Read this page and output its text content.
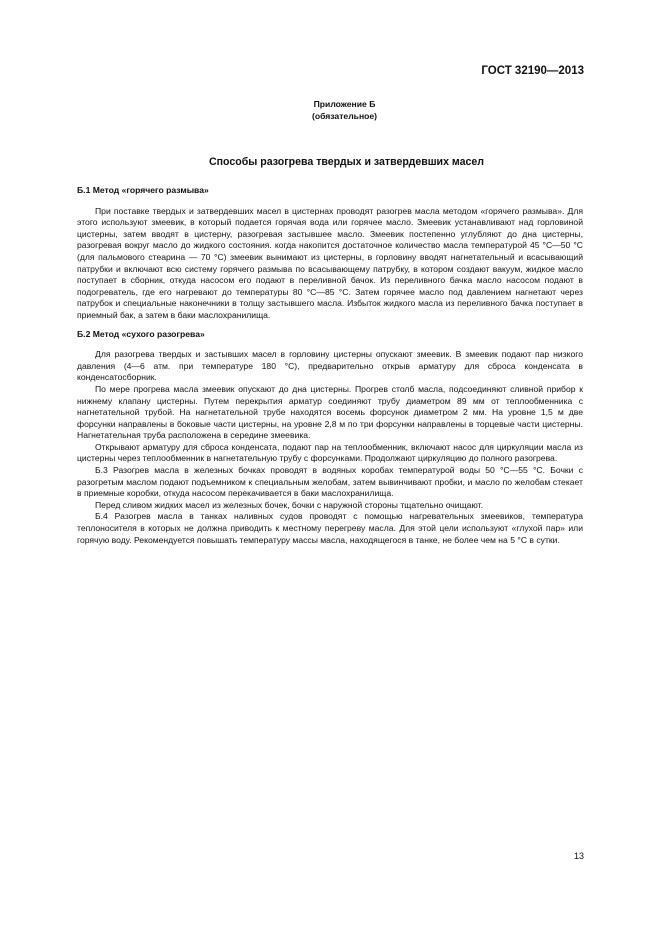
ГОСТ 32190—2013
Приложение Б
(обязательное)
Способы разогрева твердых и затвердевших масел
Б.1 Метод «горячего размыва»

При поставке твердых и затвердевших масел в цистернах проводят разогрев масла методом «горячего размыва». Для этого используют змеевик, в который подается горячая вода или горячее масло. Змеевик устанавливают над горловиной цистерны, затем вводят в цистерну, разогревая застывшее масло. Змеевик постепенно углубляют до дна цистерны, разогревая вокруг масло до жидкого состояния. когда накопится достаточное количество масла температурой 45 °C—50 °C (для пальмового стеарина — 70 °C) змеевик вынимают из цистерны, в горловину вводят нагнетательный и всасывающий патрубки и включают всю систему горячего размыва по всасывающему патрубку, в котором создают вакуум, жидкое масло поступает в сборник, откуда насосом его подают в переливной бачок. Из переливного бачка масло насосом подают в подогреватель, где его нагревают до температуры 80 °C—85 °C. Затем горячее масло под давлением нагнетают через патрубок и специальные наконечники в толщу застывшего масла. Избыток жидкого масла из переливного бачка поступает в приемный бак, а затем в баки маслохранилища.

Б.2 Метод «сухого разогрева»

Для разогрева твердых и застывших масел в горловину цистерны опускают змеевик. В змеевик подают пар низкого давления (4—6 атм. при температуре 180 °C), предварительно открыв арматуру для сброса конденсата в конденсатосборник.

По мере прогрева масла змеевик опускают до дна цистерны. Прогрев столб масла, подсоединяют сливной прибор к нижнему клапану цистерны. Путем перекрытия арматур соединяют трубу диаметром 89 мм от теплообменника с нагнетательной трубой. На нагнетательной трубе находятся восемь форсунок диаметром 2 мм. На уровне 1,5 м две форсунки направлены в боковые части цистерны, на уровне 2,8 м по три форсунки направлены в торцевые части цистерны. Нагнетательная труба расположена в середине змеевика.

Открывают арматуру для сброса конденсата, подают пар на теплообменник, включают насос для циркуляции масла из цистерны через теплообменник в нагнетательную трубу с форсунками. Продолжают циркуляцию до полного разогрева.

Б.3 Разогрев масла в железных бочках проводят в водяных коробах температурой воды 50 °C—55 °C. Бочки с разогретым маслом подают подъемником к специальным желобам, затем вывинчивают пробки, и масло по желобам стекает в приемные коробки, откуда насосом перекачивается в баки маслохранилища.

Перед сливом жидких масел из железных бочек, бочки с наружной стороны тщательно очищают.

Б.4 Разогрев масла в танках наливных судов проводят с помощью нагревательных змеевиков, температура теплоносителя в которых не должна приводить к местному перегреву масла. Для этой цели используют «глухой пар» или горячую воду. Рекомендуется повышать температуру массы масла, находящегося в танке, не более чем на 5 °C в сутки.

13
